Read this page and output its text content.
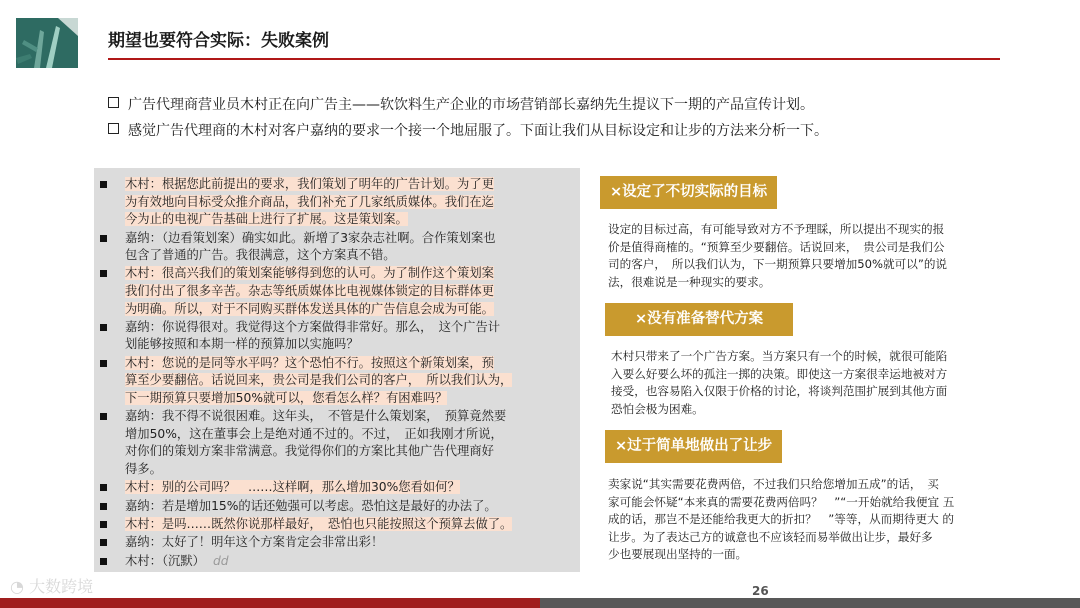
期望也要符合实际：失败案例
广告代理商营业员木村正在向广告主——软饮料生产企业的市场营销部长嘉纳先生提议下一期的产品宣传计划。
感觉广告代理商的木村对客户嘉纳的要求一个接一个地屈服了。下面让我们从目标设定和让步的方法来分析一下。
木村：根据您此前提出的要求，我们策划了明年的广告计划。为了更
为有效地向目标受众推介商品，我们补充了几家纸质媒体。我们在迄
今为止的电视广告基础上进行了扩展。这是策划案。
嘉纳：（边看策划案）确实如此。新增了3家杂志社啊。合作策划案也
包含了普通的广告。我很满意，这个方案真不错。
木村：很高兴我们的策划案能够得到您的认可。为了制作这个策划案
我们付出了很多辛苦。杂志等纸质媒体比电视媒体锁定的目标群体更
为明确。所以，对于不同购买群体发送具体的广告信息会成为可能。
嘉纳：你说得很对。我觉得这个方案做得非常好。那么，　这个广告计
划能够按照和本期一样的预算加以实施吗？
木村：您说的是同等水平吗？这个恐怕不行。按照这个新策划案，预
算至少要翻倍。话说回来，贵公司是我们公司的客户，　所以我们认为，
下一期预算只要增加50%就可以，您看怎么样？有困难吗？
嘉纳：我不得不说很困难。这年头，　不管是什么策划案，　预算竟然要
增加50%，这在董事会上是绝对通不过的。不过，　正如我刚才所说，
对你们的策划方案非常满意。我觉得你们的方案比其他广告代理商好
得多。
木村：别的公司吗？　……这样啊，那么增加30%您看如何？
嘉纳：若是增加15%的话还勉强可以考虑。恐怕这是最好的办法了。
木村：是吗……既然你说那样最好，　恐怕也只能按照这个预算去做了。
嘉纳：太好了！明年这个方案肯定会非常出彩！
木村：（沉默） dd
×设定了不切实际的目标
设定的目标过高，有可能导致对方不予理睬，所以提出不现实的报
价是值得商榷的。“预算至少要翻倍。话说回来，　贵公司是我们公
司的客户，　所以我们认为，下一期预算只要增加50%就可以”的说
法，很难说是一种现实的要求。
×没有准备替代方案
木村只带来了一个广告方案。当方案只有一个的时候，就很可能陷
入要么好要么坏的孤注一掷的决策。即使这一方案很幸运地被对方
接受，也容易陷入仅限于价格的讨论，将谈判范围扩展到其他方面
恐怕会极为困难。
×过于简单地做出了让步
卖家说“其实需要花费两倍，不过我们只给您增加五成”的话，　买
家可能会怀疑“本来真的需要花费两倍吗？　”“一开始就给我便宜 五
成的话，那岂不是还能给我更大的折扣？　”等等，从而期待更大 的
让步。为了表达己方的诚意也不应该轻而易举做出让步，最好多
少也要展现出坚持的一面。
◔ 大数跨境	26
